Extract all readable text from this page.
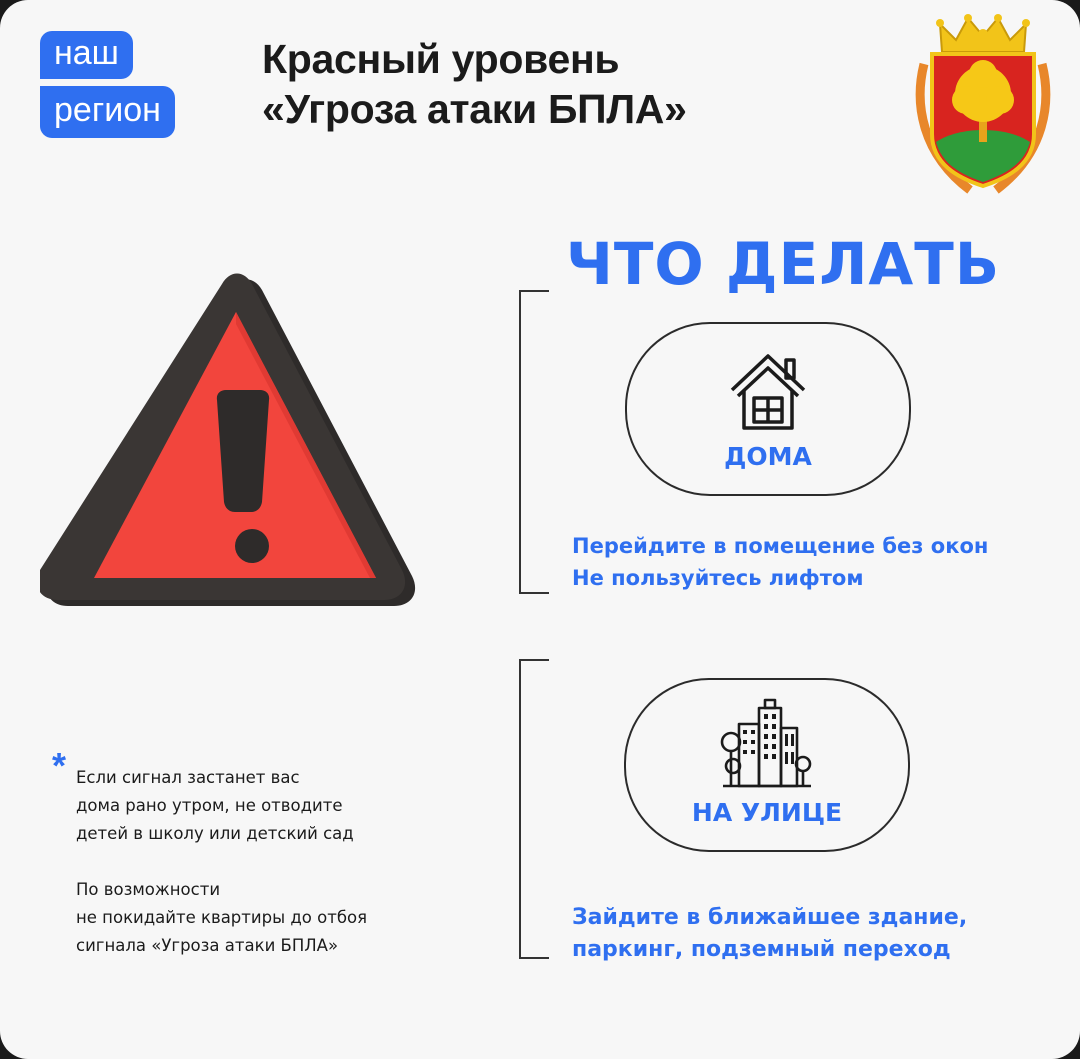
наш
регион
Красный уровень
«Угроза атаки БПЛА»
ЧТО ДЕЛАТЬ
ДОМА
Перейдите в помещение без окон
Не пользуйтесь лифтом
НА УЛИЦЕ
Зайдите в ближайшее здание,
паркинг, подземный переход
* Если сигнал застанет вас
дома рано утром, не отводите
детей в школу или детский сад
По возможности
не покидайте квартиры до отбоя
сигнала «Угроза атаки БПЛА»
